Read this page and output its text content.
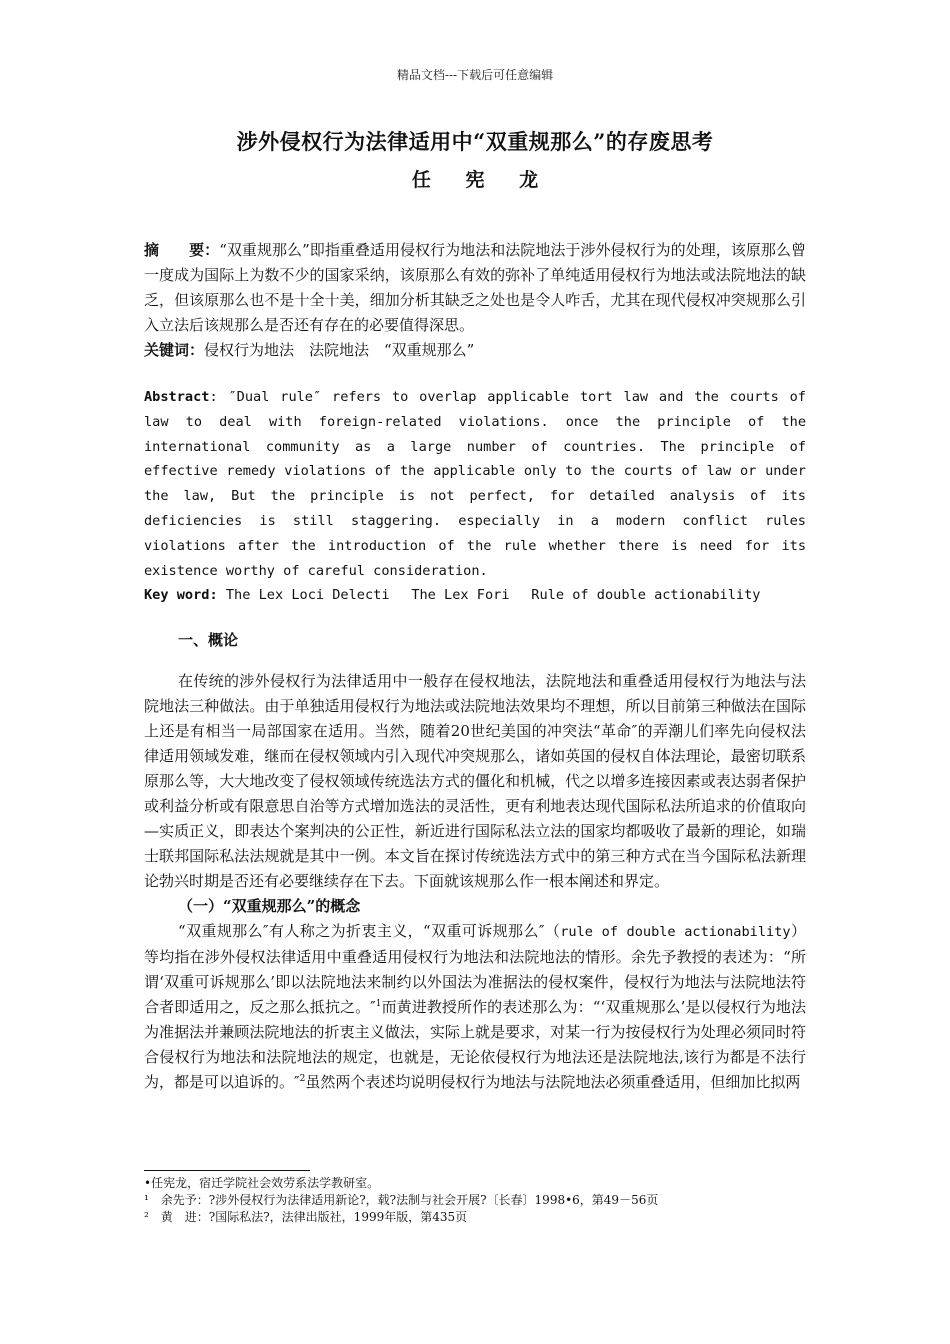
精品文档---下载后可任意编辑
涉外侵权行为法律适用中“双重规那么”的存废思考
任 宪 龙

摘　　要：“双重规那么”即指重叠适用侵权行为地法和法院地法于涉外侵权行为的处理，该原那么曾一度成为国际上为数不少的国家采纳，该原那么有效的弥补了单纯适用侵权行为地法或法院地法的缺乏，但该原那么也不是十全十美，细加分析其缺乏之处也是令人咋舌，尤其在现代侵权冲突规那么引入立法后该规那么是否还有存在的必要值得深思。

关键词：侵权行为地法　法院地法　“双重规那么”

Abstract: ″Dual rule″ refers to overlap applicable tort law and the courts of law to deal with foreign-related violations. once the principle of the international community as a large number of countries. The principle of effective remedy violations of the applicable only to the courts of law or under the law, But the principle is not perfect, for detailed analysis of its deficiencies is still staggering. especially in a modern conflict rules violations after the introduction of the rule whether there is need for its existence worthy of careful consideration.

Key word: The Lex Loci Delecti　 The Lex Fori　 Rule of double actionability

一、概论

在传统的涉外侵权行为法律适用中一般存在侵权地法，法院地法和重叠适用侵权行为地法与法院地法三种做法。由于单独适用侵权行为地法或法院地法效果均不理想，所以目前第三种做法在国际上还是有相当一局部国家在适用。当然，随着20世纪美国的冲突法“革命″的弄潮儿们率先向侵权法律适用领域发难，继而在侵权领域内引入现代冲突规那么，诸如英国的侵权自体法理论，最密切联系原那么等，大大地改变了侵权领域传统选法方式的僵化和机械，代之以增多连接因素或表达弱者保护或利益分析或有限意思自治等方式增加选法的灵活性，更有利地表达现代国际私法所追求的价值取向—实质正义，即表达个案判决的公正性，新近进行国际私法立法的国家均都吸收了最新的理论，如瑞士联邦国际私法法规就是其中一例。本文旨在探讨传统选法方式中的第三种方式在当今国际私法新理论勃兴时期是否还有必要继续存在下去。下面就该规那么作一根本阐述和界定。

（一）“双重规那么”的概念

“双重规那么″有人称之为折衷主义，“双重可诉规那么″（rule of double actionability）等均指在涉外侵权法律适用中重叠适用侵权行为地法和法院地法的情形。余先予教授的表述为：“所谓‘双重可诉规那么’即以法院地法来制约以外国法为准据法的侵权案件，侵权行为地法与法院地法符合者即适用之，反之那么抵抗之。″$^1$而黄进教授所作的表述那么为：“‘双重规那么’是以侵权行为地法为准据法并兼顾法院地法的折衷主义做法，实际上就是要求，对某一行为按侵权行为处理必须同时符合侵权行为地法和法院地法的规定，也就是，无论依侵权行为地法还是法院地法,该行为都是不法行为，都是可以追诉的。″$^2$虽然两个表述均说明侵权行为地法与法院地法必须重叠适用，但细加比拟两

•任宪龙，宿迁学院社会效劳系法学教研室。
¹　余先予：?涉外侵权行为法律适用新论?，载?法制与社会开展?〔长春〕1998•6，第49－56页
²　黄　进：?国际私法?，法律出版社，1999年版，第435页
